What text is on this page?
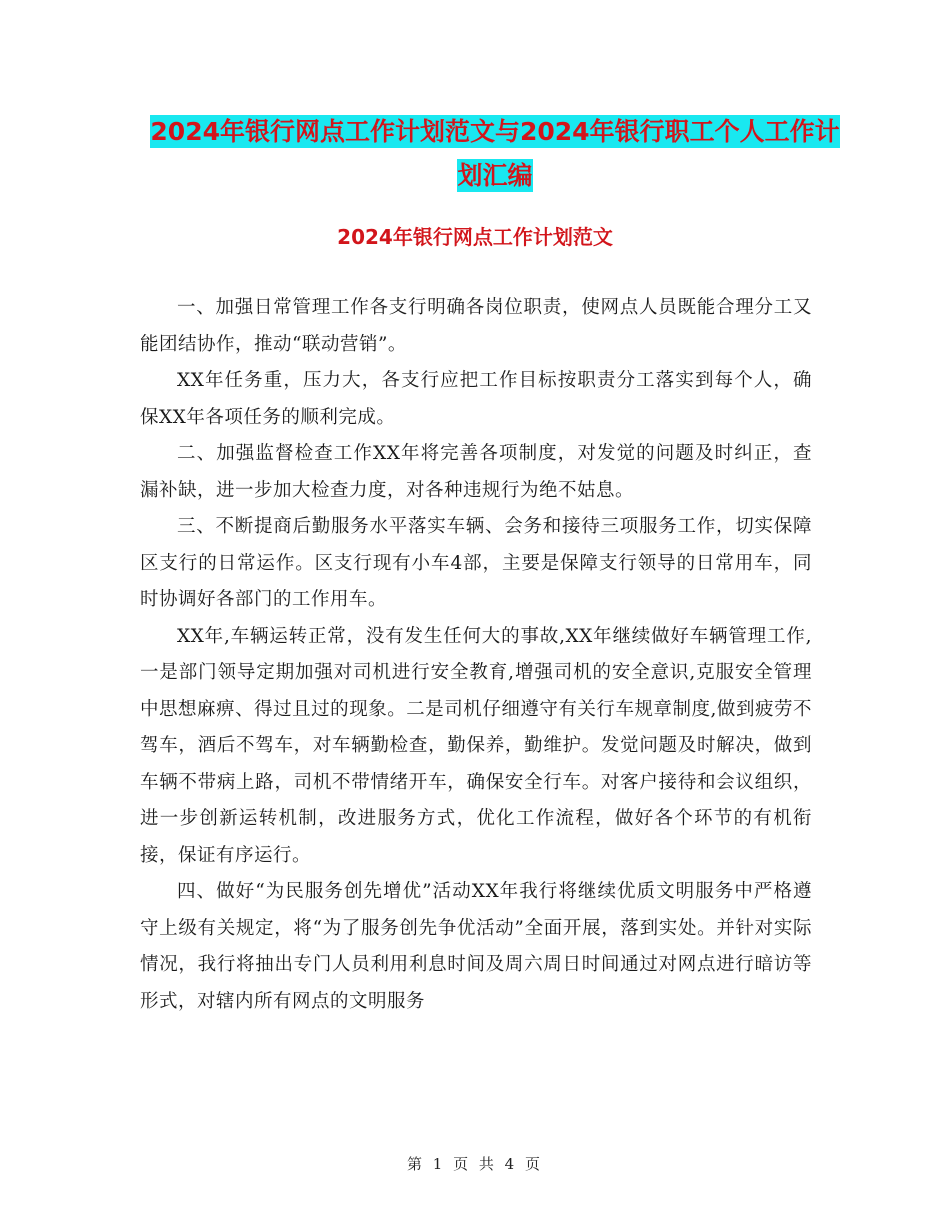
2024年银行网点工作计划范文与2024年银行职工个人工作计划汇编
2024年银行网点工作计划范文

一、加强日常管理工作各支行明确各岗位职责，使网点人员既能合理分工又能团结协作，推动“联动营销”。

XX年任务重，压力大，各支行应把工作目标按职责分工落实到每个人，确保XX年各项任务的顺利完成。

二、加强监督检查工作XX年将完善各项制度，对发觉的问题及时纠正，查漏补缺，进一步加大检查力度，对各种违规行为绝不姑息。

三、不断提商后勤服务水平落实车辆、会务和接待三项服务工作，切实保障区支行的日常运作。区支行现有小车4部，主要是保障支行领导的日常用车，同时协调好各部门的工作用车。

XX年,车辆运转正常，没有发生任何大的事故,XX年继续做好车辆管理工作,一是部门领导定期加强对司机进行安全教育,增强司机的安全意识,克服安全管理中思想麻痹、得过且过的现象。二是司机仔细遵守有关行车规章制度,做到疲劳不驾车，酒后不驾车，对车辆勤检查，勤保养，勤维护。发觉问题及时解决，做到车辆不带病上路，司机不带情绪开车，确保安全行车。对客户接待和会议组织，进一步创新运转机制，改进服务方式，优化工作流程，做好各个环节的有机衔接，保证有序运行。

四、做好“为民服务创先增优”活动XX年我行将继续优质文明服务中严格遵守上级有关规定，将“为了服务创先争优活动”全面开展，落到实处。并针对实际情况，我行将抽出专门人员利用利息时间及周六周日时间通过对网点进行暗访等形式，对辖内所有网点的文明服务

第 1 页 共 4 页
